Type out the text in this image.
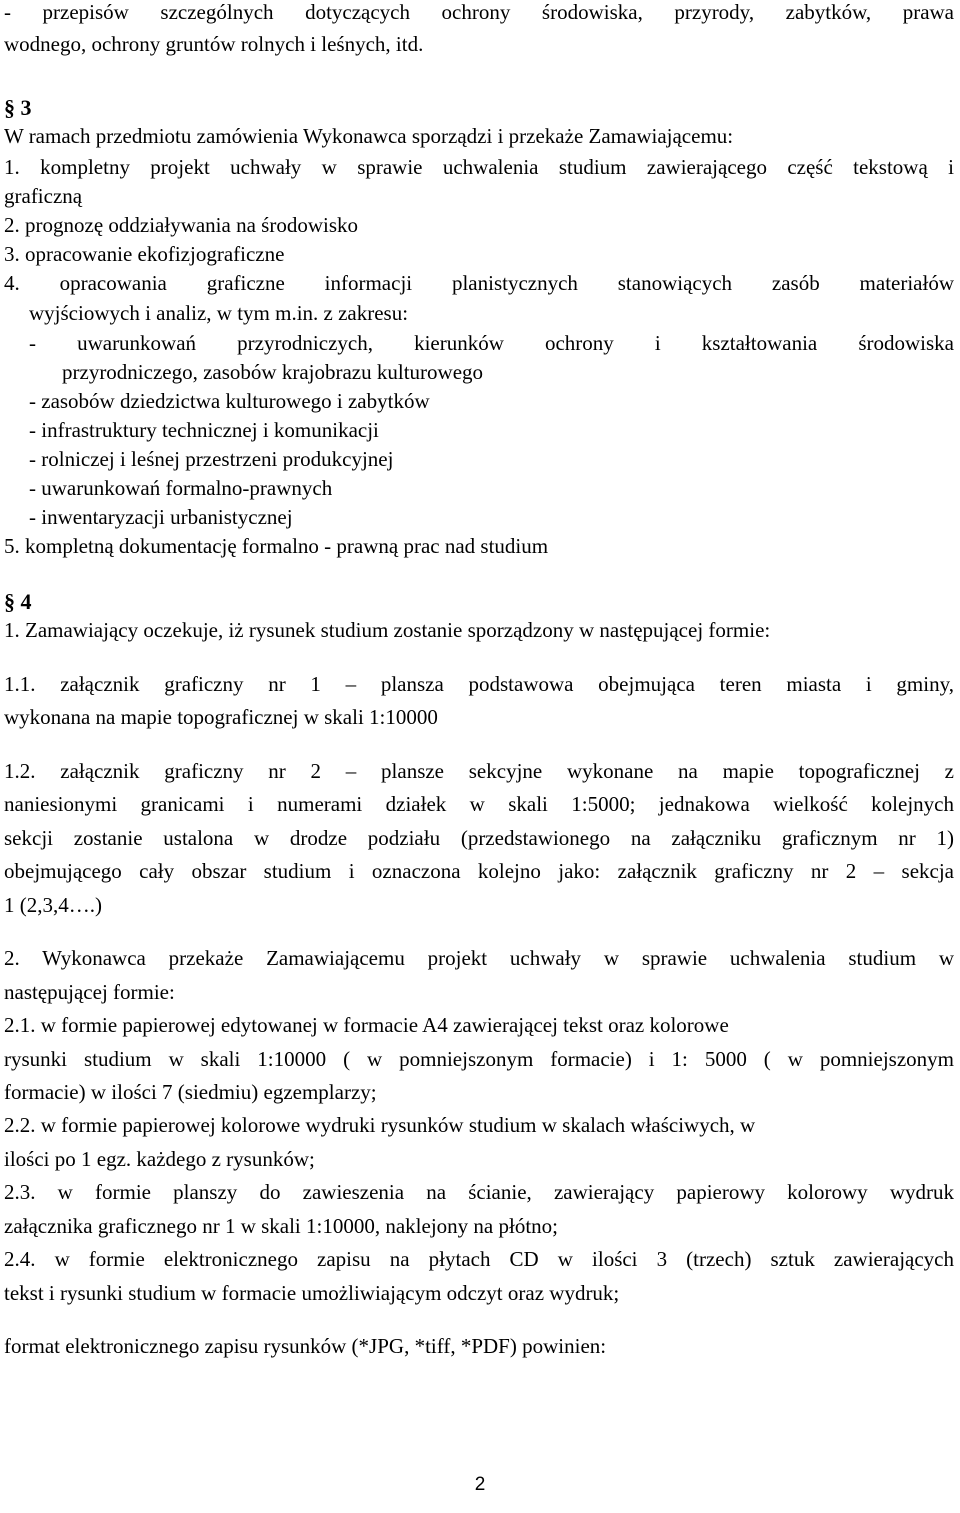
- przepisów szczególnych dotyczących ochrony środowiska, przyrody, zabytków, prawa
wodnego, ochrony gruntów rolnych i leśnych, itd.
§ 3
W ramach przedmiotu zamówienia Wykonawca sporządzi i przekaże Zamawiającemu:
1. kompletny projekt uchwały w sprawie uchwalenia studium zawierającego część tekstową i
graficzną
2. prognozę oddziaływania na środowisko
3. opracowanie ekofizjograficzne
4. opracowania graficzne informacji planistycznych stanowiących zasób materiałów
wyjściowych i analiz, w tym m.in. z zakresu:
- uwarunkowań przyrodniczych, kierunków ochrony i kształtowania środowiska
przyrodniczego, zasobów krajobrazu kulturowego
- zasobów dziedzictwa kulturowego i zabytków
- infrastruktury technicznej i komunikacji
- rolniczej i leśnej przestrzeni produkcyjnej
- uwarunkowań formalno-prawnych
- inwentaryzacji urbanistycznej
5. kompletną dokumentację formalno - prawną prac nad studium
§ 4
1. Zamawiający oczekuje, iż rysunek studium zostanie sporządzony w następującej formie:
1.1. załącznik graficzny nr 1 – plansza podstawowa obejmująca teren miasta i gminy,
wykonana na mapie topograficznej w skali 1:10000
1.2. załącznik graficzny nr 2 – plansze sekcyjne wykonane na mapie topograficznej z
naniesionymi granicami i numerami działek w skali 1:5000; jednakowa wielkość kolejnych
sekcji zostanie ustalona w drodze podziału (przedstawionego na załączniku graficznym nr 1)
obejmującego cały obszar studium i oznaczona kolejno jako: załącznik graficzny nr 2 – sekcja
1 (2,3,4….)
2. Wykonawca przekaże Zamawiającemu projekt uchwały w sprawie uchwalenia studium w
następującej formie:
2.1. w formie papierowej edytowanej w formacie A4 zawierającej tekst oraz kolorowe
rysunki studium w skali 1:10000 ( w pomniejszonym formacie) i 1: 5000 ( w pomniejszonym
formacie) w ilości 7 (siedmiu) egzemplarzy;
2.2. w formie papierowej kolorowe wydruki rysunków studium w skalach właściwych, w
ilości po 1 egz. każdego z rysunków;
2.3. w formie planszy do zawieszenia na ścianie, zawierający papierowy kolorowy wydruk
załącznika graficznego nr 1 w skali 1:10000, naklejony na płótno;
2.4. w formie elektronicznego zapisu na płytach CD w ilości 3 (trzech) sztuk zawierających
tekst i rysunki studium w formacie umożliwiającym odczyt oraz wydruk;
format elektronicznego zapisu rysunków (*JPG, *tiff, *PDF) powinien:
2
